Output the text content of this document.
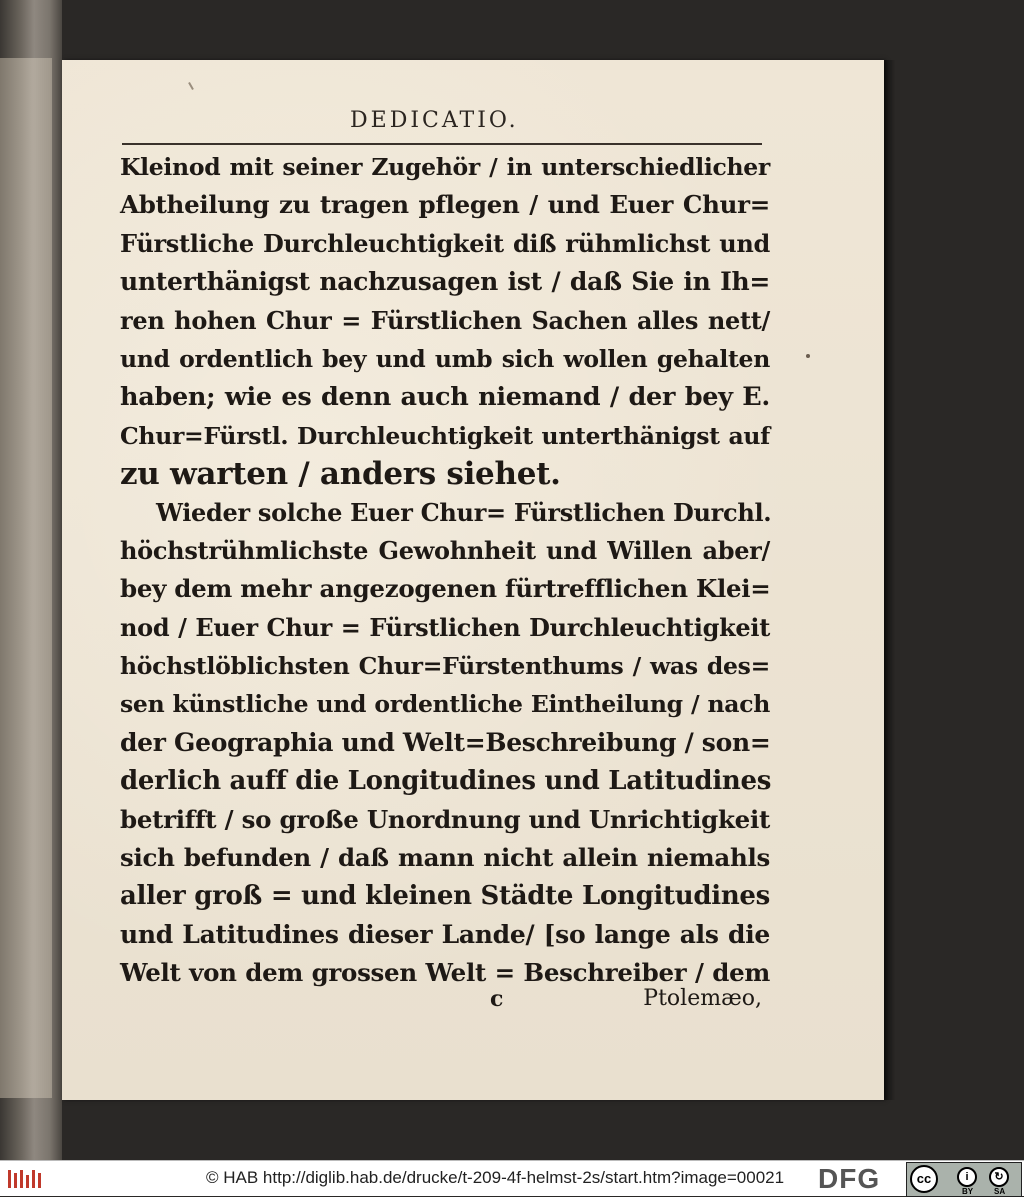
DEDICATIO.
Kleinod mit seiner Zugehör / in unterschiedlicher
Abtheilung zu tragen pflegen / und Euer Chur=
Fürstliche Durchleuchtigkeit diß rühmlichst und
unterthänigst nachzusagen ist / daß Sie in Ih=
ren hohen Chur = Fürstlichen Sachen alles nett/
und ordentlich bey und umb sich wollen gehalten
haben; wie es denn auch niemand / der bey E.
Chur=Fürstl. Durchleuchtigkeit unterthänigst auf
zu warten / anders siehet.
Wieder solche Euer Chur= Fürstlichen Durchl.
höchstrühmlichste Gewohnheit und Willen aber/
bey dem mehr angezogenen fürtrefflichen Klei=
nod / Euer Chur = Fürstlichen Durchleuchtigkeit
höchstlöblichsten Chur=Fürstenthums / was des=
sen künstliche und ordentliche Eintheilung / nach
der Geographia und Welt=Beschreibung / son=
derlich auff die Longitudines und Latitudines
betrifft / so große Unordnung und Unrichtigkeit
sich befunden / daß mann nicht allein niemahls
aller groß = und kleinen Städte Longitudines
und Latitudines dieser Lande/ [so lange als die
Welt von dem grossen Welt = Beschreiber / dem
c	Ptolemæo,
© HAB http://diglib.hab.de/drucke/t-209-4f-helmst-2s/start.htm?image=00021 DFG	cc	i	↻
BY	SA
